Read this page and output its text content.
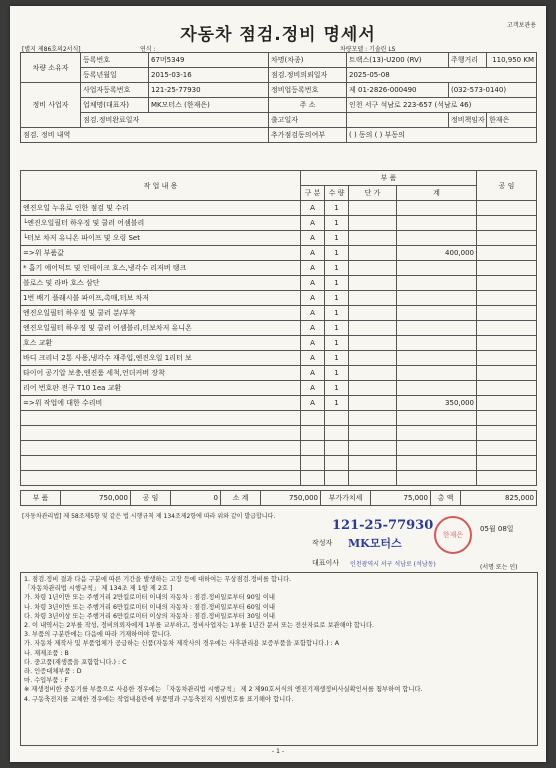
고객보관용
자동차 점검.정비 명세서
[별지 제86호의2서식]	연식 :	차량모델 : 기솔린 LS
차량 소유자	등록번호	67머5349	차명(차종)	트랙스(13)-U200 (RV)	주행거리	110,950 KM
	등록년월일	2015-03-16	점검.정비의뢰일자	2025-05-08		
정비 사업자	사업자등록번호	121-25-77930	정비업등록번호	제 01-2826-000490	(032-573-0140)	
	업체명(대표자)	MK모터스 (한재은)	주 소	인천 서구 석남로 223-657 (석남로 46)		
	점검.정비완료일자		출고일자		정비책임자	한재은
점검. 정비 내역			추가점검동의여부	( ) 동의 ( ) 부동의		
작 업 내 용	부 품				공 임
	구 분	수 량	단 가	계	
엔진오일 누유로 인한 점검 및 수리	A	1			
└엔진오일필터 하우징 및 쿨러 어셈블리	A	1			
└터보 차저 유니온 파이프 및 오링 Set	A	1			
=>위 부품값	A	1		400,000	
* 흡기 에어덕트 및 인테이크 호스,냉각수 리저버 탱크	A	1			
블로스 및 라바 호스 삼단	A	1			
1번 배기 플래시블 파이프,촉매,터보 차저	A	1			
엔진오일필터 하우징 및 쿨러 분/부착	A	1			
엔진오일필터 하우징 및 쿨러 어셈블리,터보차저 유니온	A	1			
호스 교환	A	1			
바디 크리너 2통 사용,냉각수 재주입,엔진오일 1리터 보	A	1			
타이어 공기압 보충,엔진룸 세척,언더커버 장착	A	1			
리어 번호판 전구 T10 1ea 교환	A	1			
=>위 작업에 대한 수리비	A	1		350,000	

부 품	750,000	공 임	0	소 계	750,000	부가가치세	75,000	총 액	825,000
[자동차관리법] 제 58조제5항 및 같은 법 시행규칙 제 134조제2항에 따라 위와 같이 발급합니다.
05월 08일
121-25-77930
작성자 MK모터스
대표이사 인천광역시 서구 석남로 (석남동)	(서명 또는 인)
한재은
1. 점검.정비 결과 다음 구분에 따른 기간을 발생하는 고장 등에 대하여는 무상점검.정비를 합니다.
「자동차관리법 시행규칙」 제 134조 제 1항 제 2호 ]
가. 차령 1년이만 또는 주행거리 2만킬로미터 이내의 자동차 : 점검.정비일로부터 90일 이내
나. 차령 3년이만 또는 주행거리 6만킬로미터 이내의 자동차 : 점검.정비일로부터 60일 이내
다. 차령 3년이상 또는 주행거리 6만킬로미터 이상의 자동차 : 점검.정비일로부터 30일 이내
2. 이 내역서는 2부를 작성, 정비의뢰자에게 1부를 교부하고, 정비사업자는 1부를 1년간 문서 또는 전산자료로 보관해야 합니다.
3. 부품의 구분란에는 다음에 따라 기재하여야 합니다.
가. 자동차 제작사 및 부품업체가 공급하는 신품(자동차 제작사의 경우에는 사후관리용 보증부품을 포함합니다.) : A
나. 재제조품 : B
다. 중고품(재생품을 포함합니다.) : C
라. 인증대체부품 : D
마. 수입부품 : F
※ 재생정비한 중동기를 부품으로 사용한 경우에는 「자동차관리법 시행규칙」 제 2 제90호서식의 엔진기재생정비사실확인서를 첨부하여 합니다.
4. 구동축전지를 교체한 경우에는 작업내용란에 부품명과 구동축전지 식별번호를 표기해야 합니다.
- 1 -
